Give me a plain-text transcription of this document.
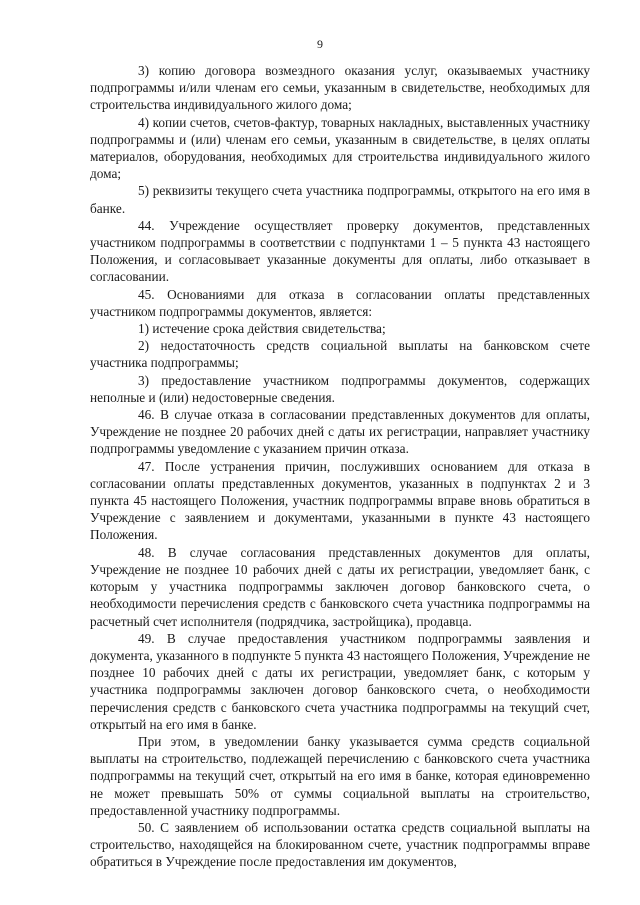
9

3) копию договора возмездного оказания услуг, оказываемых участнику подпрограммы и/или членам его семьи, указанным в свидетельстве, необходимых для строительства индивидуального жилого дома;

4) копии счетов, счетов-фактур, товарных накладных, выставленных участнику подпрограммы и (или) членам его семьи, указанным в свидетельстве, в целях оплаты материалов, оборудования, необходимых для строительства индивидуального жилого дома;

5) реквизиты текущего счета участника подпрограммы, открытого на его имя в банке.

44. Учреждение осуществляет проверку документов, представленных участником подпрограммы в соответствии с подпунктами 1 – 5 пункта 43 настоящего Положения, и согласовывает указанные документы для оплаты, либо отказывает в согласовании.

45. Основаниями для отказа в согласовании оплаты представленных участником подпрограммы документов, является:

1) истечение срока действия свидетельства;

2) недостаточность средств социальной выплаты на банковском счете участника подпрограммы;

3) предоставление участником подпрограммы документов, содержащих неполные и (или) недостоверные сведения.

46. В случае отказа в согласовании представленных документов для оплаты, Учреждение не позднее 20 рабочих дней с даты их регистрации, направляет участнику подпрограммы уведомление с указанием причин отказа.

47. После устранения причин, послуживших основанием для отказа в согласовании оплаты представленных документов, указанных в подпунктах 2 и 3 пункта 45 настоящего Положения, участник подпрограммы вправе вновь обратиться в Учреждение с заявлением и документами, указанными в пункте 43 настоящего Положения.

48. В случае согласования представленных документов для оплаты, Учреждение не позднее 10 рабочих дней с даты их регистрации, уведомляет банк, с которым у участника подпрограммы заключен договор банковского счета, о необходимости перечисления средств с банковского счета участника подпрограммы на расчетный счет исполнителя (подрядчика, застройщика), продавца.

49. В случае предоставления участником подпрограммы заявления и документа, указанного в подпункте 5 пункта 43 настоящего Положения, Учреждение не позднее 10 рабочих дней с даты их регистрации, уведомляет банк, с которым у участника подпрограммы заключен договор банковского счета, о необходимости перечисления средств с банковского счета участника подпрограммы на текущий счет, открытый на его имя в банке.

При этом, в уведомлении банку указывается сумма средств социальной выплаты на строительство, подлежащей перечислению с банковского счета участника подпрограммы на текущий счет, открытый на его имя в банке, которая единовременно не может превышать 50% от суммы социальной выплаты на строительство, предоставленной участнику подпрограммы.

50. С заявлением об использовании остатка средств социальной выплаты на строительство, находящейся на блокированном счете, участник подпрограммы вправе обратиться в Учреждение после предоставления им документов,
